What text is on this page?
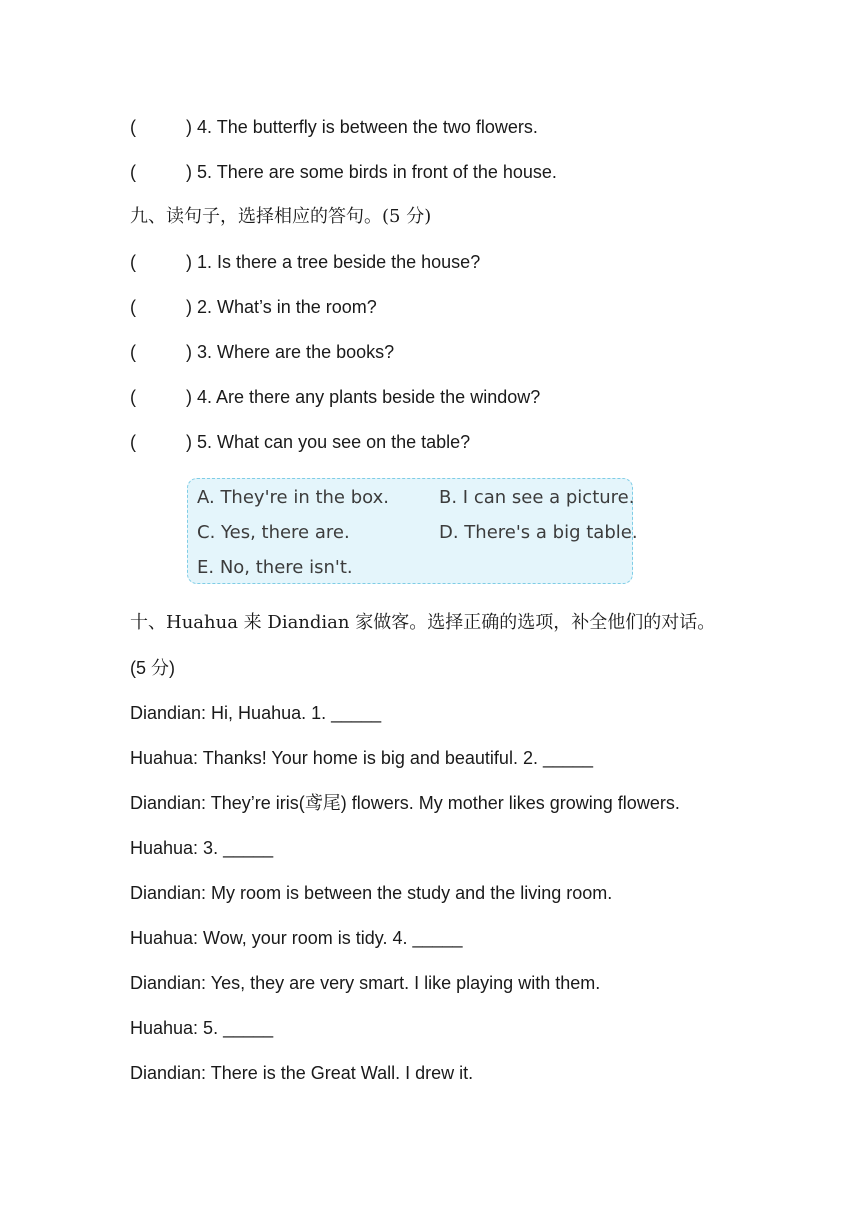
(	) 4. The butterfly is between the two flowers.
(	) 5. There are some birds in front of the house.
九、读句子，选择相应的答句。(5 分)
(	) 1. Is there a tree beside the house?
(	) 2. What’s in the room?
(	) 3. Where are the books?
(	) 4. Are there any plants beside the window?
(	) 5. What can you see on the table?
A. They're in the box.	B. I can see a picture.
C. Yes, there are.	D. There's a big table.
E. No, there isn't.
十、Huahua 来 Diandian 家做客。选择正确的选项，补全他们的对话。
(5 分)
Diandian: Hi, Huahua. 1. _____
Huahua: Thanks! Your home is big and beautiful. 2. _____
Diandian: They’re iris(鸢尾) flowers. My mother likes growing flowers.
Huahua: 3. _____
Diandian: My room is between the study and the living room.
Huahua: Wow, your room is tidy. 4. _____
Diandian: Yes, they are very smart. I like playing with them.
Huahua: 5. _____
Diandian: There is the Great Wall. I drew it.
